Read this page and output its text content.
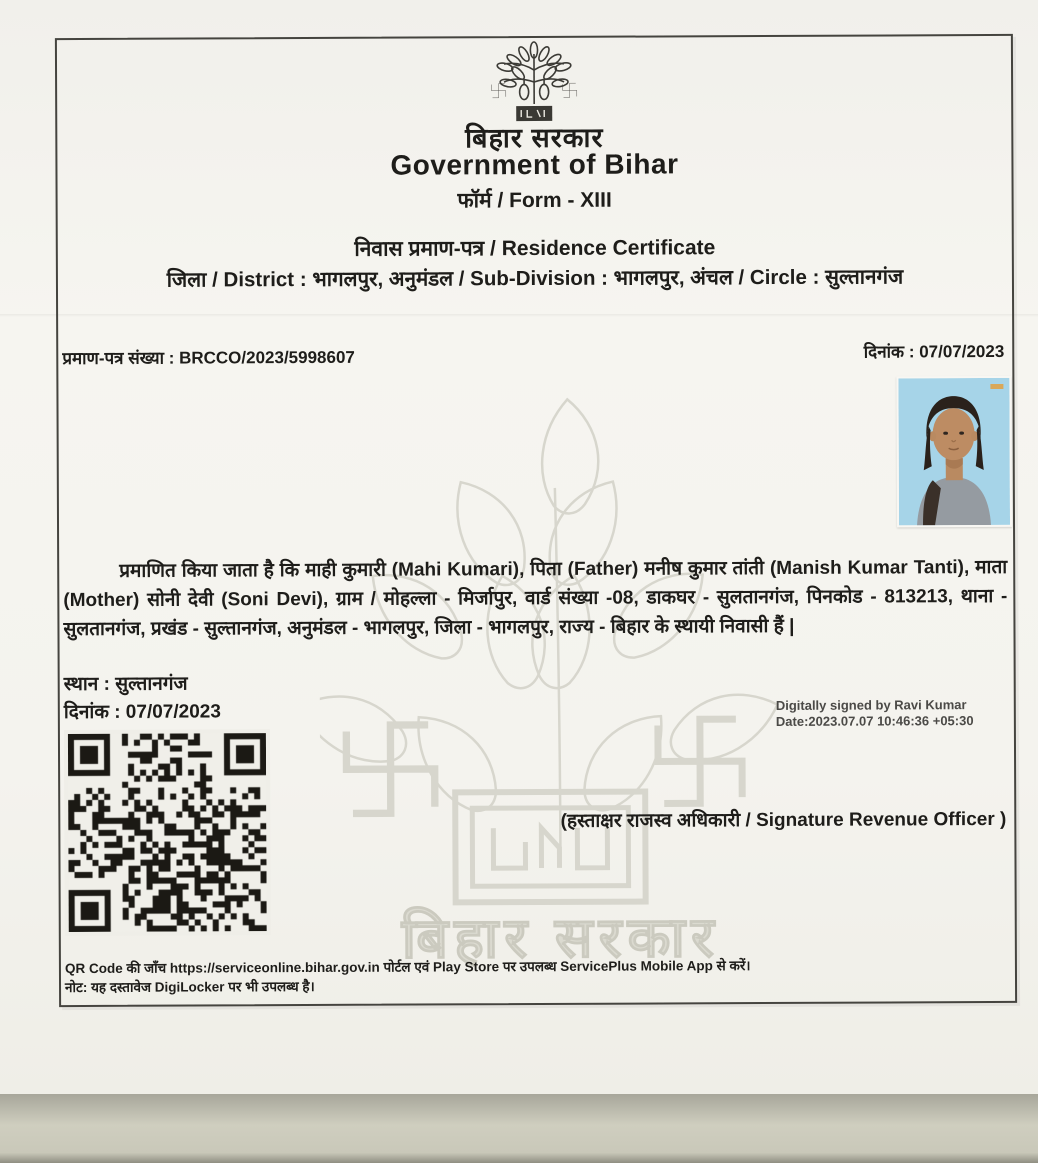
बिहार सरकार
बिहार सरकार
Government of Bihar
फॉर्म / Form - XIII
निवास प्रमाण-पत्र / Residence Certificate
जिला / District : भागलपुर, अनुमंडल / Sub-Division : भागलपुर, अंचल / Circle : सुल्तानगंज
प्रमाण-पत्र संख्या : BRCCO/2023/5998607	दिनांक : 07/07/2023
प्रमाणित किया जाता है कि माही कुमारी (Mahi Kumari), पिता (Father) मनीष कुमार तांती (Manish Kumar Tanti), माता (Mother) सोनी देवी (Soni Devi), ग्राम / मोहल्ला - मिर्जापुर, वार्ड संख्या -08, डाकघर - सुलतानगंज, पिनकोड - 813213, थाना - सुलतानगंज, प्रखंड - सुल्तानगंज, अनुमंडल - भागलपुर, जिला - भागलपुर, राज्य - बिहार के स्थायी निवासी हैं |
स्थान : सुल्तानगंज
दिनांक : 07/07/2023	Digitally signed by Ravi Kumar
Date:2023.07.07 10:46:36 +05:30
(हस्ताक्षर राजस्व अधिकारी / Signature Revenue Officer )
QR Code की जाँच https://serviceonline.bihar.gov.in पोर्टल एवं Play Store पर उपलब्ध ServicePlus Mobile App से करें।
नोट: यह दस्तावेज DigiLocker पर भी उपलब्ध है।
